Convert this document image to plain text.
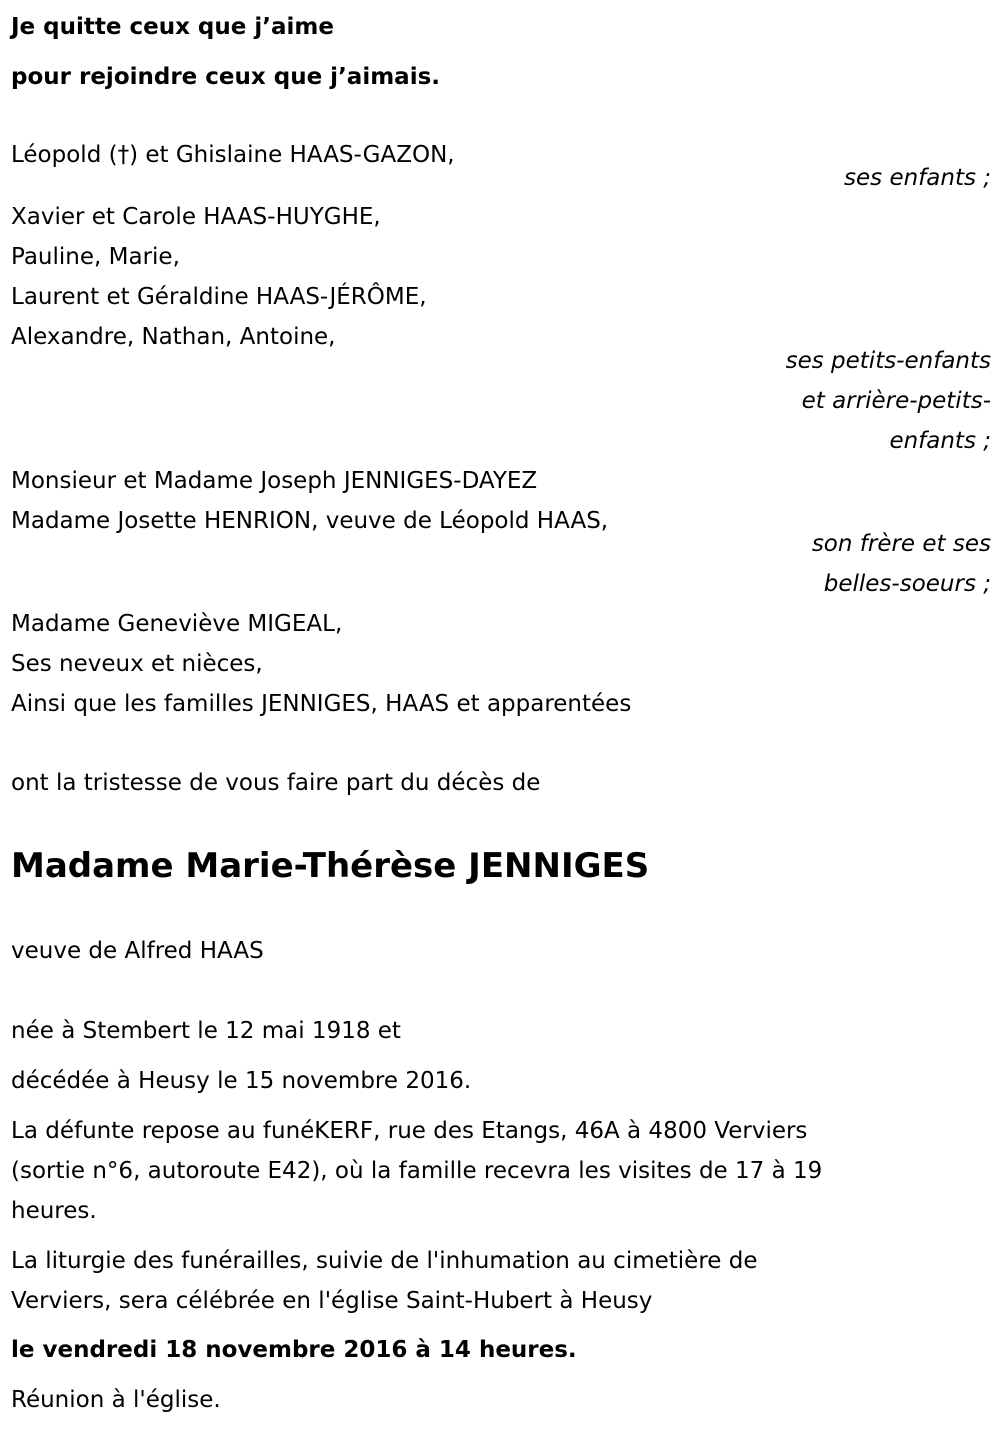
Je quitte ceux que j’aime
pour rejoindre ceux que j’aimais.
Léopold (†) et Ghislaine HAAS-GAZON,
ses enfants ;
Xavier et Carole HAAS-HUYGHE,
Pauline, Marie,
Laurent et Géraldine HAAS-JÉRÔME,
Alexandre, Nathan, Antoine,
ses petits-enfants
et arrière-petits-
enfants ;
Monsieur et Madame Joseph JENNIGES-DAYEZ
Madame Josette HENRION, veuve de Léopold HAAS,
son frère et ses
belles-soeurs ;
Madame Geneviève MIGEAL,
Ses neveux et nièces,
Ainsi que les familles JENNIGES, HAAS et apparentées
ont la tristesse de vous faire part du décès de
Madame Marie-Thérèse JENNIGES
veuve de Alfred HAAS
née à Stembert le 12 mai 1918 et
décédée à Heusy le 15 novembre 2016.
La défunte repose au funéKERF, rue des Etangs, 46A à 4800 Verviers
(sortie n°6, autoroute E42), où la famille recevra les visites de 17 à 19
heures.
La liturgie des funérailles, suivie de l'inhumation au cimetière de
Verviers, sera célébrée en l'église Saint-Hubert à Heusy
le vendredi 18 novembre 2016 à 14 heures.
Réunion à l'église.
